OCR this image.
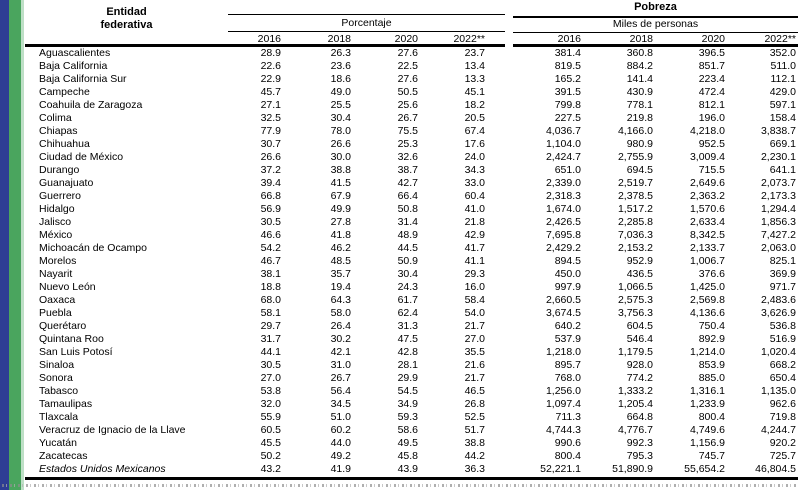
Entidad
federativa
Pobreza
Porcentaje	Miles de personas
2016	2018	2020	2022**	2016	2018	2020	2022**
Aguascalientes	28.9	26.3	27.6	23.7	381.4	360.8	396.5	352.0
Baja California	22.6	23.6	22.5	13.4	819.5	884.2	851.7	511.0
Baja California Sur	22.9	18.6	27.6	13.3	165.2	141.4	223.4	112.1
Campeche	45.7	49.0	50.5	45.1	391.5	430.9	472.4	429.0
Coahuila de Zaragoza	27.1	25.5	25.6	18.2	799.8	778.1	812.1	597.1
Colima	32.5	30.4	26.7	20.5	227.5	219.8	196.0	158.4
Chiapas	77.9	78.0	75.5	67.4	4,036.7	4,166.0	4,218.0	3,838.7
Chihuahua	30.7	26.6	25.3	17.6	1,104.0	980.9	952.5	669.1
Ciudad de México	26.6	30.0	32.6	24.0	2,424.7	2,755.9	3,009.4	2,230.1
Durango	37.2	38.8	38.7	34.3	651.0	694.5	715.5	641.1
Guanajuato	39.4	41.5	42.7	33.0	2,339.0	2,519.7	2,649.6	2,073.7
Guerrero	66.8	67.9	66.4	60.4	2,318.3	2,378.5	2,363.2	2,173.3
Hidalgo	56.9	49.9	50.8	41.0	1,674.0	1,517.2	1,570.6	1,294.4
Jalisco	30.5	27.8	31.4	21.8	2,426.5	2,285.8	2,633.4	1,856.3
México	46.6	41.8	48.9	42.9	7,695.8	7,036.3	8,342.5	7,427.2
Michoacán de Ocampo	54.2	46.2	44.5	41.7	2,429.2	2,153.2	2,133.7	2,063.0
Morelos	46.7	48.5	50.9	41.1	894.5	952.9	1,006.7	825.1
Nayarit	38.1	35.7	30.4	29.3	450.0	436.5	376.6	369.9
Nuevo León	18.8	19.4	24.3	16.0	997.9	1,066.5	1,425.0	971.7
Oaxaca	68.0	64.3	61.7	58.4	2,660.5	2,575.3	2,569.8	2,483.6
Puebla	58.1	58.0	62.4	54.0	3,674.5	3,756.3	4,136.6	3,626.9
Querétaro	29.7	26.4	31.3	21.7	640.2	604.5	750.4	536.8
Quintana Roo	31.7	30.2	47.5	27.0	537.9	546.4	892.9	516.9
San Luis Potosí	44.1	42.1	42.8	35.5	1,218.0	1,179.5	1,214.0	1,020.4
Sinaloa	30.5	31.0	28.1	21.6	895.7	928.0	853.9	668.2
Sonora	27.0	26.7	29.9	21.7	768.0	774.2	885.0	650.4
Tabasco	53.8	56.4	54.5	46.5	1,256.0	1,333.2	1,316.1	1,135.0
Tamaulipas	32.0	34.5	34.9	26.8	1,097.4	1,205.4	1,233.9	962.6
Tlaxcala	55.9	51.0	59.3	52.5	711.3	664.8	800.4	719.8
Veracruz de Ignacio de la Llave	60.5	60.2	58.6	51.7	4,744.3	4,776.7	4,749.6	4,244.7
Yucatán	45.5	44.0	49.5	38.8	990.6	992.3	1,156.9	920.2
Zacatecas	50.2	49.2	45.8	44.2	800.4	795.3	745.7	725.7
Estados Unidos Mexicanos	43.2	41.9	43.9	36.3	52,221.1	51,890.9	55,654.2	46,804.5
